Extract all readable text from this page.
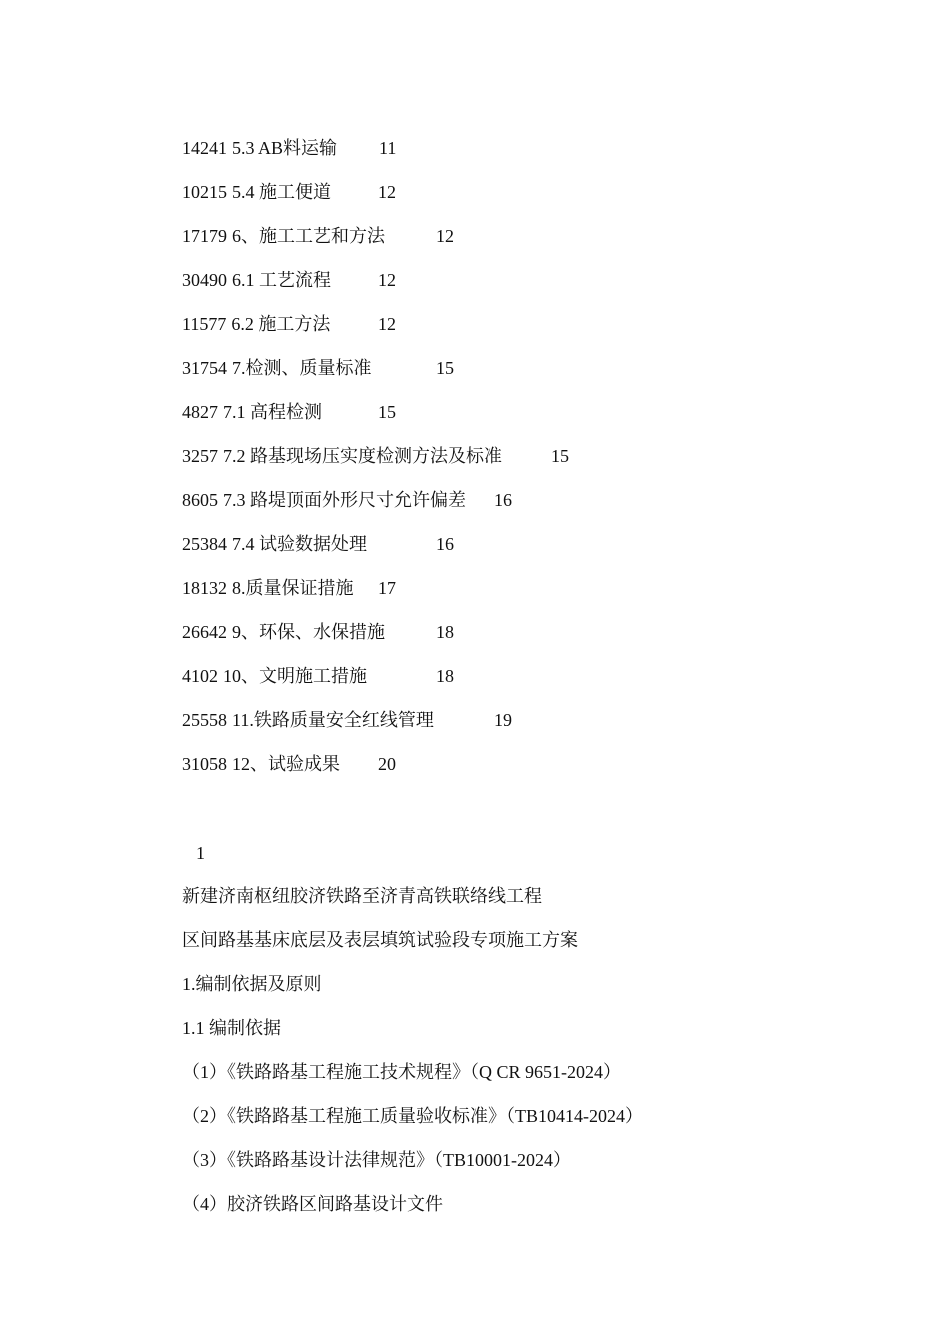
14241 5.3 AB料运输 11
10215 5.4 施工便道	12
17179 6、施工工艺和方法	12
30490 6.1 工艺流程	12
11577 6.2 施工方法	12
31754 7.检测、质量标准	15
4827 7.1 高程检测	15
3257 7.2 路基现场压实度检测方法及标准	15
8605 7.3 路堤顶面外形尺寸允许偏差 16
25384 7.4 试验数据处理	16
18132 8.质量保证措施 17
26642 9、环保、水保措施	18
4102 10、文明施工措施	18
25558 11.铁路质量安全红线管理	19
31058 12、试验成果 20
1
新建济南枢纽胶济铁路至济青高铁联络线工程
区间路基基床底层及表层填筑试验段专项施工方案
1.编制依据及原则
1.1 编制依据
（1）《铁路路基工程施工技术规程》（Q CR 9651-2024）
（2）《铁路路基工程施工质量验收标准》（TB10414-2024）
（3）《铁路路基设计法律规范》（TB10001-2024）
（4）胶济铁路区间路基设计文件
